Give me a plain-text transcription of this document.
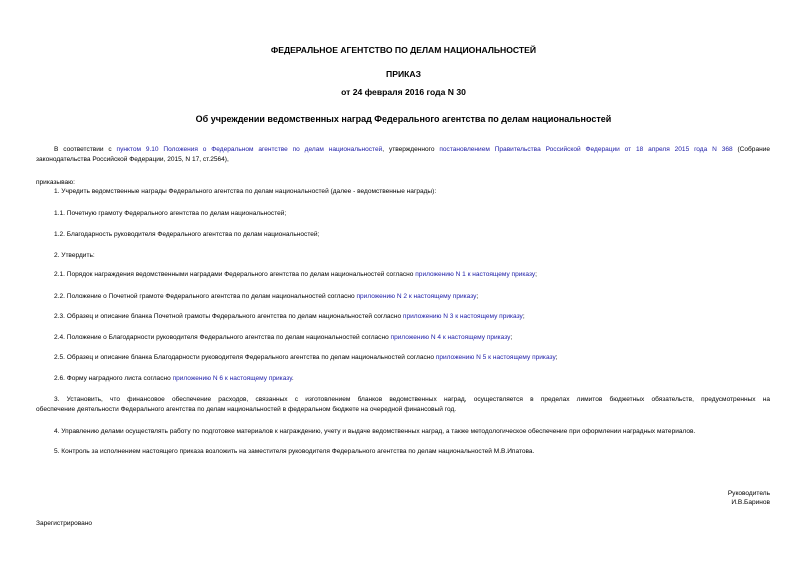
ФЕДЕРАЛЬНОЕ АГЕНТСТВО ПО ДЕЛАМ НАЦИОНАЛЬНОСТЕЙ
ПРИКАЗ
от 24 февраля 2016 года N 30
Об учреждении ведомственных наград Федерального агентства по делам национальностей
В соответствии с пунктом 9.10 Положения о Федеральном агентстве по делам национальностей, утвержденного постановлением Правительства Российской Федерации от 18 апреля 2015 года N 368 (Собрание
законодательства Российской Федерации, 2015, N 17, ст.2564),
приказываю:
1. Учредить ведомственные награды Федерального агентства по делам национальностей (далее - ведомственные награды):
1.1. Почетную грамоту Федерального агентства по делам национальностей;
1.2. Благодарность руководителя Федерального агентства по делам национальностей;
2. Утвердить:
2.1. Порядок награждения ведомственными наградами Федерального агентства по делам национальностей согласно приложению N 1 к настоящему приказу;
2.2. Положение о Почетной грамоте Федерального агентства по делам национальностей согласно приложению N 2 к настоящему приказу;
2.3. Образец и описание бланка Почетной грамоты Федерального агентства по делам национальностей согласно приложению N 3 к настоящему приказу;
2.4. Положение о Благодарности руководителя Федерального агентства по делам национальностей согласно приложению N 4 к настоящему приказу;
2.5. Образец и описание бланка Благодарности руководителя Федерального агентства по делам национальностей согласно приложению N 5 к настоящему приказу;
2.6. Форму наградного листа согласно приложению N 6 к настоящему приказу.
3. Установить, что финансовое обеспечение расходов, связанных с изготовлением бланков ведомственных наград, осуществляется в пределах лимитов бюджетных обязательств, предусмотренных на
обеспечение деятельности Федерального агентства по делам национальностей в федеральном бюджете на очередной финансовый год.
4. Управлению делами осуществлять работу по подготовке материалов к награждению, учету и выдаче ведомственных наград, а также методологическое обеспечение при оформлении наградных материалов.
5. Контроль за исполнением настоящего приказа возложить на заместителя руководителя Федерального агентства по делам национальностей М.В.Ипатова.
Руководитель
И.В.Баринов
Зарегистрировано
